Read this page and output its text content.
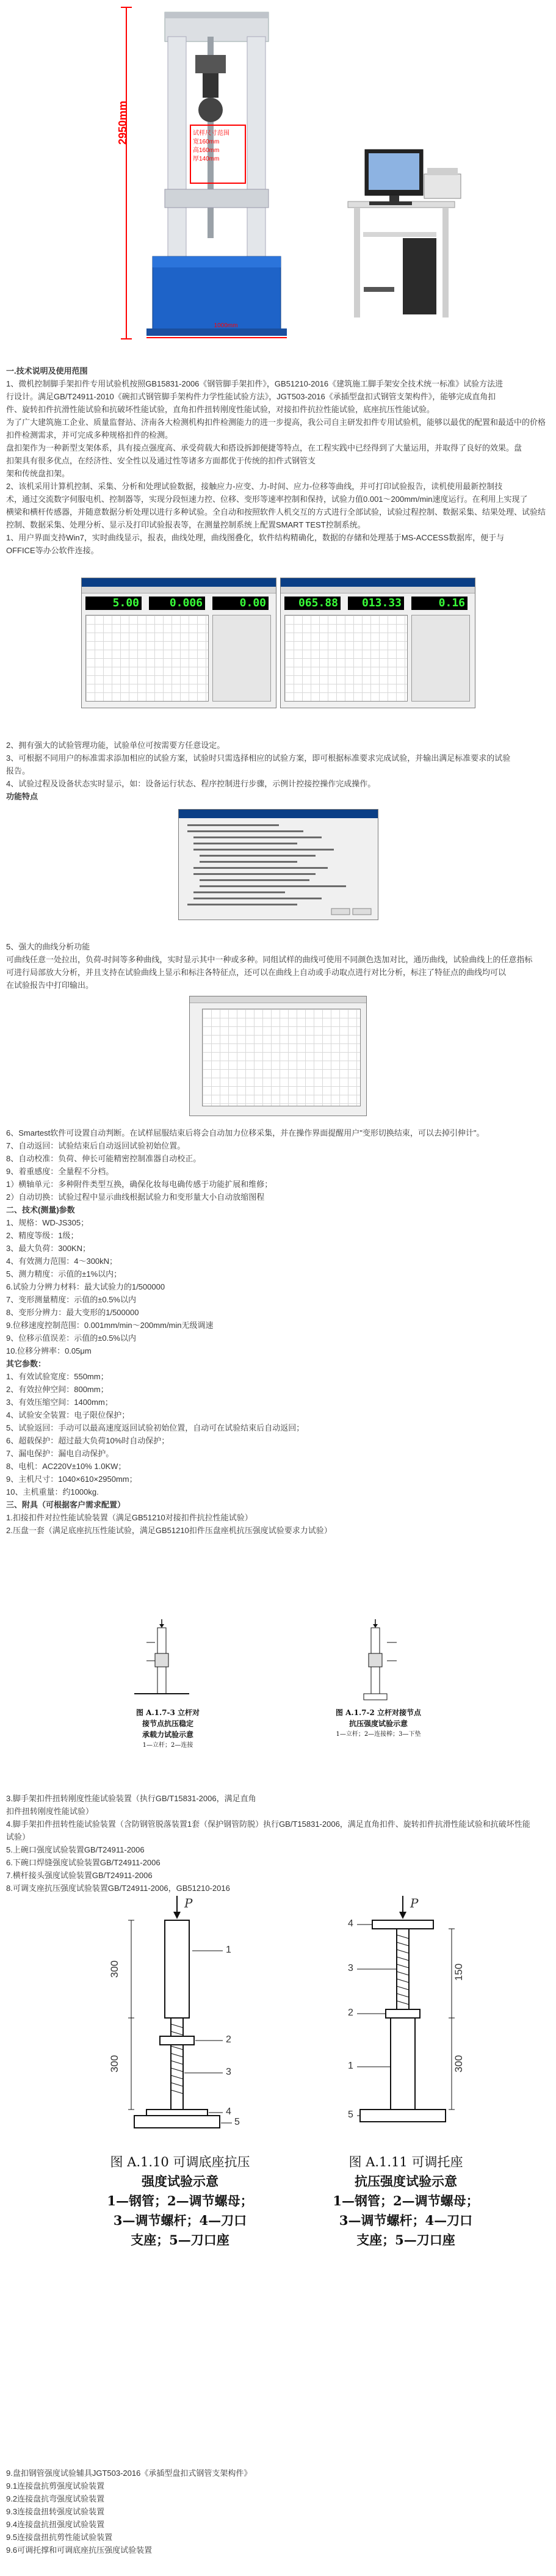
2950mm	试样尺寸范围
宽160mm
高160mm
厚140mm
1000mm
一.技术说明及使用范围
1、微机控制脚手架扣件专用试验机按照GB15831-2006《钢管脚手架扣件》，GB51210-2016《建筑施工脚手架安全技术统一标准》试验方法进
行设计。满足GB/T24911-2010《碗扣式钢管脚手架构件力学性能试验方法》，JGT503-2016《承插型盘扣式钢管支架构件》，能够完成直角扣
件、旋转扣件抗滑性能试验和抗破坏性能试验，直角扣件扭转刚度性能试验，对接扣件抗拉性能试验，底座抗压性能试验。
为了广大建筑施工企业、质量监督站、济南各大检测机构扣件检测能力的进一步提高，我公司自主研发扣件专用试验机，能够以最优的配置和最适中的价格
扣件检测需求，并可完成多种规格扣件的检测。
盘扣架作为一种新型支架体系，具有接点强度高、承受荷载大和搭设拆卸便捷等特点，在工程实践中已经得到了大量运用，并取得了良好的效果。盘
扣架具有很多优点，在经济性、安全性以及通过性等诸多方面都优于传统的扣件式钢管支
架和传统盘扣架。
2、该机采用计算机控制、采集、分析和处理试验数据，接触应力-应变、力-时间、应力-位移等曲线，并可打印试验报告，读机使用最新控制技
术，通过交流数字伺服电机、控制器等，实现分段恒速力控、位移、变形等速率控制和保持，试验力值0.001～200mm/min速度运行。在利用上实现了
横梁和横杆传感器，并随意数据分析处理以进行多种试验。全自动和按照软件人机交互的方式进行全部试验，试验过程控制、数据采集、结果处理、试验结
控制、数据采集、处理分析、显示及打印试验报表等，在测量控制系统上配置SMART TEST控制系统。
1、用户界面支持Win7，实时曲线显示，报表，曲线处理，曲线图叠化，软件结构精确化，数据的存储和处理基于MS-ACCESS数据库，便于与
OFFICE等办公软件连接。
5.00	0.006	0.00	065.88	013.33	0.16
2、拥有强大的试验管理功能，试验单位可按需要方任意设定。
3、可根据不同用户的标准需求添加相应的试验方案，试验时只需选择相应的试验方案，即可根据标准要求完成试验，并输出满足标准要求的试验
报告。
4、试验过程及设备状态实时显示，如：设备运行状态、程序控制进行步骤，示例计控接控操作完成操作。
功能特点
5、强大的曲线分析功能
可曲线任意一处拉出，负荷-时间等多种曲线，实时显示其中一种或多种。同组试样的曲线可使用不同颜色迭加对比，通历曲线，试验曲线上的任意指标
可进行局部放大分析，并且支持在试验曲线上显示和标注各特征点，还可以在曲线上自动或手动取点进行对比分析，标注了特征点的曲线均可以
在试验报告中打印输出。
6、Smartest软件可设置自动判断。在试样屈服结束后将会自动加力位移采集，并在操作界面提醒用户"变形切换结束，可以去掉引伸计"。
7、自动返回：试验结束后自动返回试验初始位置。
8、自动校准：负荷、伸长可能精密控制准器自动校正。
9、着重感度：全量程不分档。
1）横轴单元：多种附件类型互换，确保化妆每电确传感于功能扩展和维修；
2）自动切换：试验过程中显示曲线根据试验力和变形量大小自动放缩图程
二、技术(测量)参数
1、规格：WD-JS305；
2、精度等级：1级；
3、最大负荷：300KN；
4、有效测力范围：4～300kN；
5、测力精度：示值的±1%以内；
6.试验力分辨力材料：最大试验力的1/500000
7、变形测量精度：示值的±0.5%以内
8、变形分辨力：最大变形的1/500000
9.位移速度控制范围：0.001mm/min～200mm/min无级调速
9、位移示值误差：示值的±0.5%以内
10.位移分辨率：0.05μm
其它参数：
1、有效试验宽度：550mm；
2、有效拉伸空间：800mm；
3、有效压缩空间：1400mm；
4、试验安全装置：电子限位保护；
5、试验返回：手动可以最高速度返回试验初始位置，自动可在试验结束后自动返回；
6、超载保护：超过最大负荷10%时自动保护；
7、漏电保护：漏电自动保护。
8、电机：AC220V±10% 1.0KW；
9、主机尺寸：1040×610×2950mm；
10、主机重量：约1000kg.
三、附具（可根据客户需求配置）
1.扣接扣件对拉性能试验装置（满足GB51210对接扣件抗拉性能试验）
2.压盘一套（满足底座抗压性能试验，满足GB51210扣件压盘座机抗压强度试验要求力试验）
图 A.1.7-3 立杆对
接节点抗压稳定
承载力试验示意
1—立杆；2—连接
图 A.1.7-2 立杆对接节点
抗压强度试验示意
1—立杆；2—连接棒；3—下垫
3.脚手架扣件扭转刚度性能试验装置（执行GB/T15831-2006，满足直角
扣件扭转刚度性能试验）
4.脚手架扣件扭转性能试验装置（含防钢管脱落装置1套（保护钢管防脱）执行GB/T15831-2006，满足直角扣件、旋转扣件抗滑性能试验和抗破坏性能
试验）
5.上碗口强度试验装置GB/T24911-2006
6.下碗口焊缝强度试验装置GB/T24911-2006
7.横杆接头强度试验装置GB/T24911-2006
8.可调支座抗压强度试验装置GB/T24911-2006，GB51210-2016
P
300
300
1
2
3
4
5
图 A.1.10 可调底座抗压
强度试验示意
1—钢管；2—调节螺母；
3—调节螺杆；4—刀口
支座；5—刀口座
P
150
300
4
3
2
1
5
图 A.1.11 可调托座
抗压强度试验示意
1—钢管；2—调节螺母；
3—调节螺杆；4—刀口
支座；5—刀口座
9.盘扣钢管强度试验辅具JGT503-2016《承插型盘扣式钢管支架构件》
9.1连接盘抗剪强度试验装置
9.2连接盘抗弯强度试验装置
9.3连接盘扭转强度试验装置
9.4连接盘抗扭强度试验装置
9.5连接盘扭抗剪性能试验装置
9.6可调托撑和可调底座抗压强度试验装置
